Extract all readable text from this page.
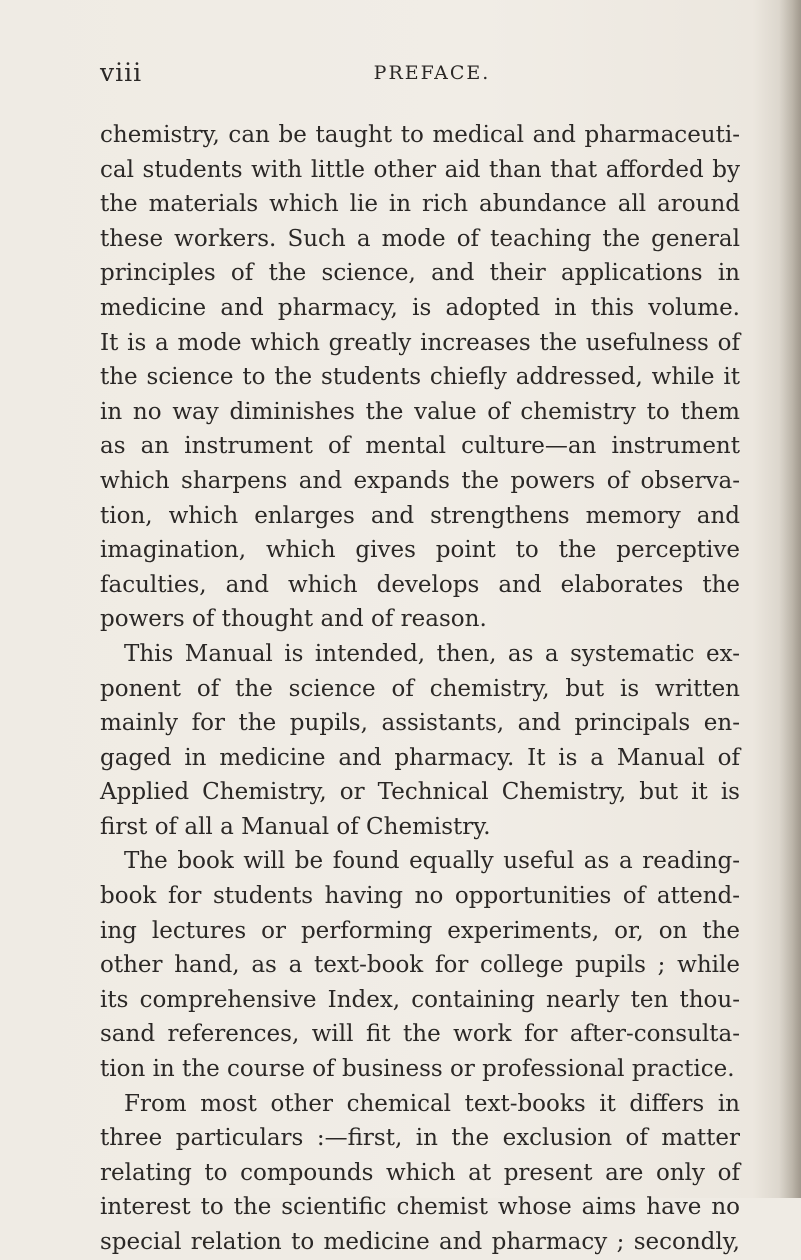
viii	PREFACE.
chemistry, can be taught to medical and pharmaceuti-
cal students with little other aid than that afforded by
the materials which lie in rich abundance all around
these workers. Such a mode of teaching the general
principles of the science, and their applications in
medicine and pharmacy, is adopted in this volume.
It is a mode which greatly increases the usefulness of
the science to the students chiefly addressed, while it
in no way diminishes the value of chemistry to them
as an instrument of mental culture—an instrument
which sharpens and expands the powers of observa-
tion, which enlarges and strengthens memory and
imagination, which gives point to the perceptive
faculties, and which develops and elaborates the
powers of thought and of reason.
This Manual is intended, then, as a systematic ex-
ponent of the science of chemistry, but is written
mainly for the pupils, assistants, and principals en-
gaged in medicine and pharmacy. It is a Manual of
Applied Chemistry, or Technical Chemistry, but it is
first of all a Manual of Chemistry.
The book will be found equally useful as a reading-
book for students having no opportunities of attend-
ing lectures or performing experiments, or, on the
other hand, as a text-book for college pupils ; while
its comprehensive Index, containing nearly ten thou-
sand references, will fit the work for after-consulta-
tion in the course of business or professional practice.
From most other chemical text-books it differs in
three particulars :—first, in the exclusion of matter
relating to compounds which at present are only of
interest to the scientific chemist whose aims have no
special relation to medicine and pharmacy ; secondly,
